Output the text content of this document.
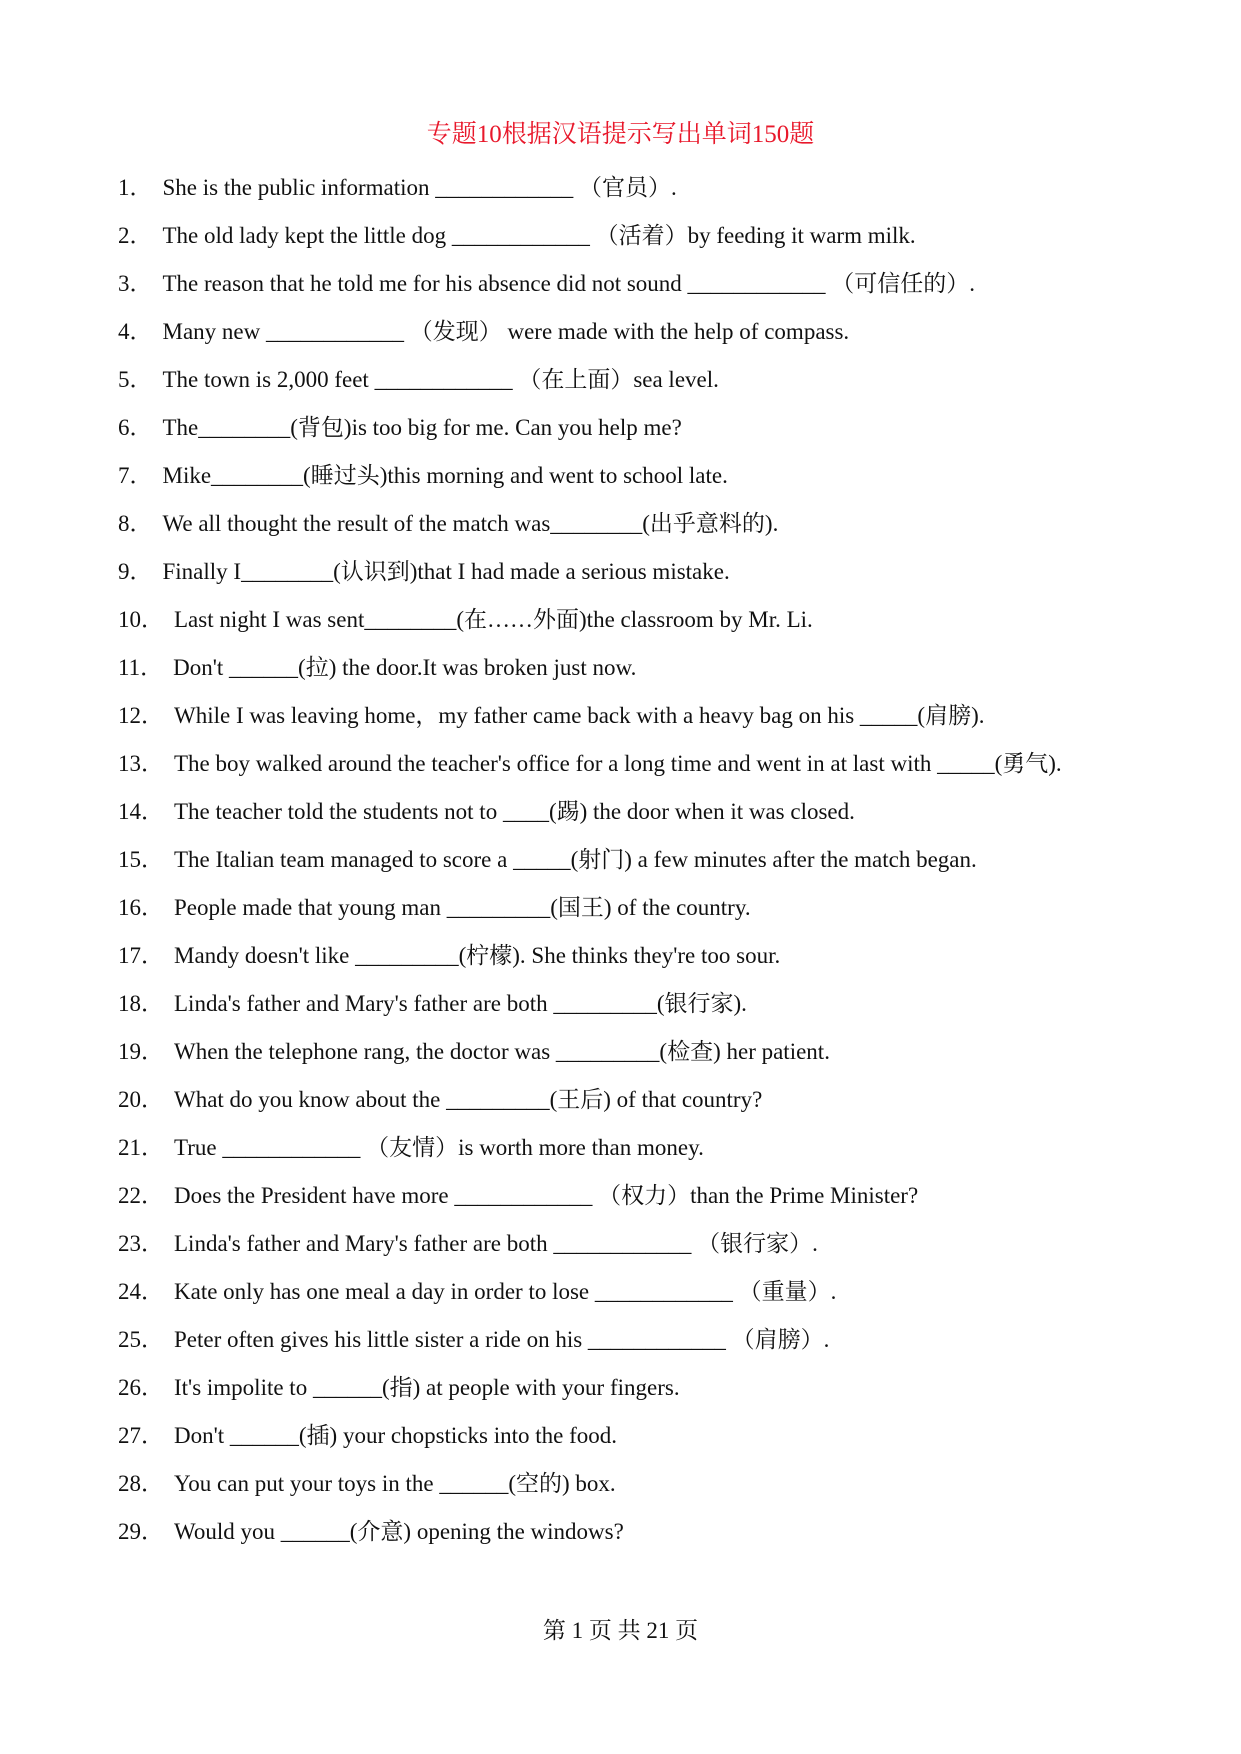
专题10根据汉语提示写出单词150题
1． She is the public information ____________ （官员）.
2． The old lady kept the little dog ____________ （活着）by feeding it warm milk.
3． The reason that he told me for his absence did not sound ____________ （可信任的）.
4． Many new ____________ （发现） were made with the help of compass.
5． The town is 2,000 feet ____________ （在上面）sea level.
6． The________(背包)is too big for me. Can you help me?
7． Mike________(睡过头)this morning and went to school late.
8． We all thought the result of the match was________(出乎意料的).
9． Finally I________(认识到)that I had made a serious mistake.
10． Last night I was sent________(在……外面)the classroom by Mr. Li.
11． Don't ______(拉) the door.It was broken just now.
12． While I was leaving home，my father came back with a heavy bag on his _____(肩膀).
13． The boy walked around the teacher's office for a long time and went in at last with _____(勇气).
14． The teacher told the students not to ____(踢) the door when it was closed.
15． The Italian team managed to score a _____(射门) a few minutes after the match began.
16． People made that young man _________(国王) of the country.
17． Mandy doesn't like _________(柠檬). She thinks they're too sour.
18． Linda's father and Mary's father are both _________(银行家).
19． When the telephone rang, the doctor was _________(检查) her patient.
20． What do you know about the _________(王后) of that country?
21． True ____________ （友情）is worth more than money.
22． Does the President have more ____________ （权力）than the Prime Minister?
23． Linda's father and Mary's father are both ____________ （银行家）.
24． Kate only has one meal a day in order to lose ____________ （重量）.
25． Peter often gives his little sister a ride on his ____________ （肩膀）.
26． It's impolite to ______(指) at people with your fingers.
27． Don't ______(插) your chopsticks into the food.
28． You can put your toys in the ______(空的) box.
29． Would you ______(介意) opening the windows?
第 1 页 共 21 页
